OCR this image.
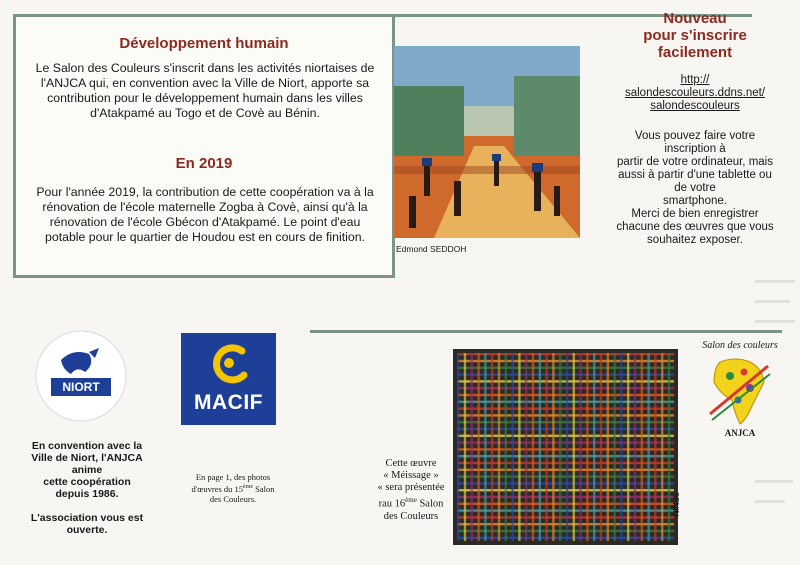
Développement humain
Le Salon des Couleurs s'inscrit dans les activités niortaises de l'ANJCA qui, en convention avec la Ville de Niort, apporte sa contribution pour le développement humain dans les villes d'Atakpamé au Togo et de Covè au Bénin.
En 2019
Pour l'année 2019, la contribution de cette coopération va à la rénovation de l'école maternelle Zogba à Covè, ainsi qu'à la rénovation de l'école Gbécon d'Atakpamé. Le point d'eau potable pour le quartier de Houdou est en cours de finition.
Edmond SEDDOH
Nouveau
pour s'inscrire
facilement
http://
salondescouleurs.ddns.net/
salondescouleurs
Vous pouvez faire votre
inscription à
partir de votre ordinateur, mais
aussi à partir d'une tablette ou
de votre
smartphone.
Merci de bien enregistrer
chacune des œuvres que vous
souhaitez exposer.
NIORT
En convention avec la
Ville de Niort, l'ANJCA
anime
cette coopération
depuis 1986.
L'association vous est
ouverte.
MACIF
En page 1, des photos
d'œuvres du 15ème Salon
des Couleurs.
Cette œuvre
« Méissage »
« sera présentée
rau 16ème Salon
des Couleurs	SENIN
Salon des couleurs
ANJCA
